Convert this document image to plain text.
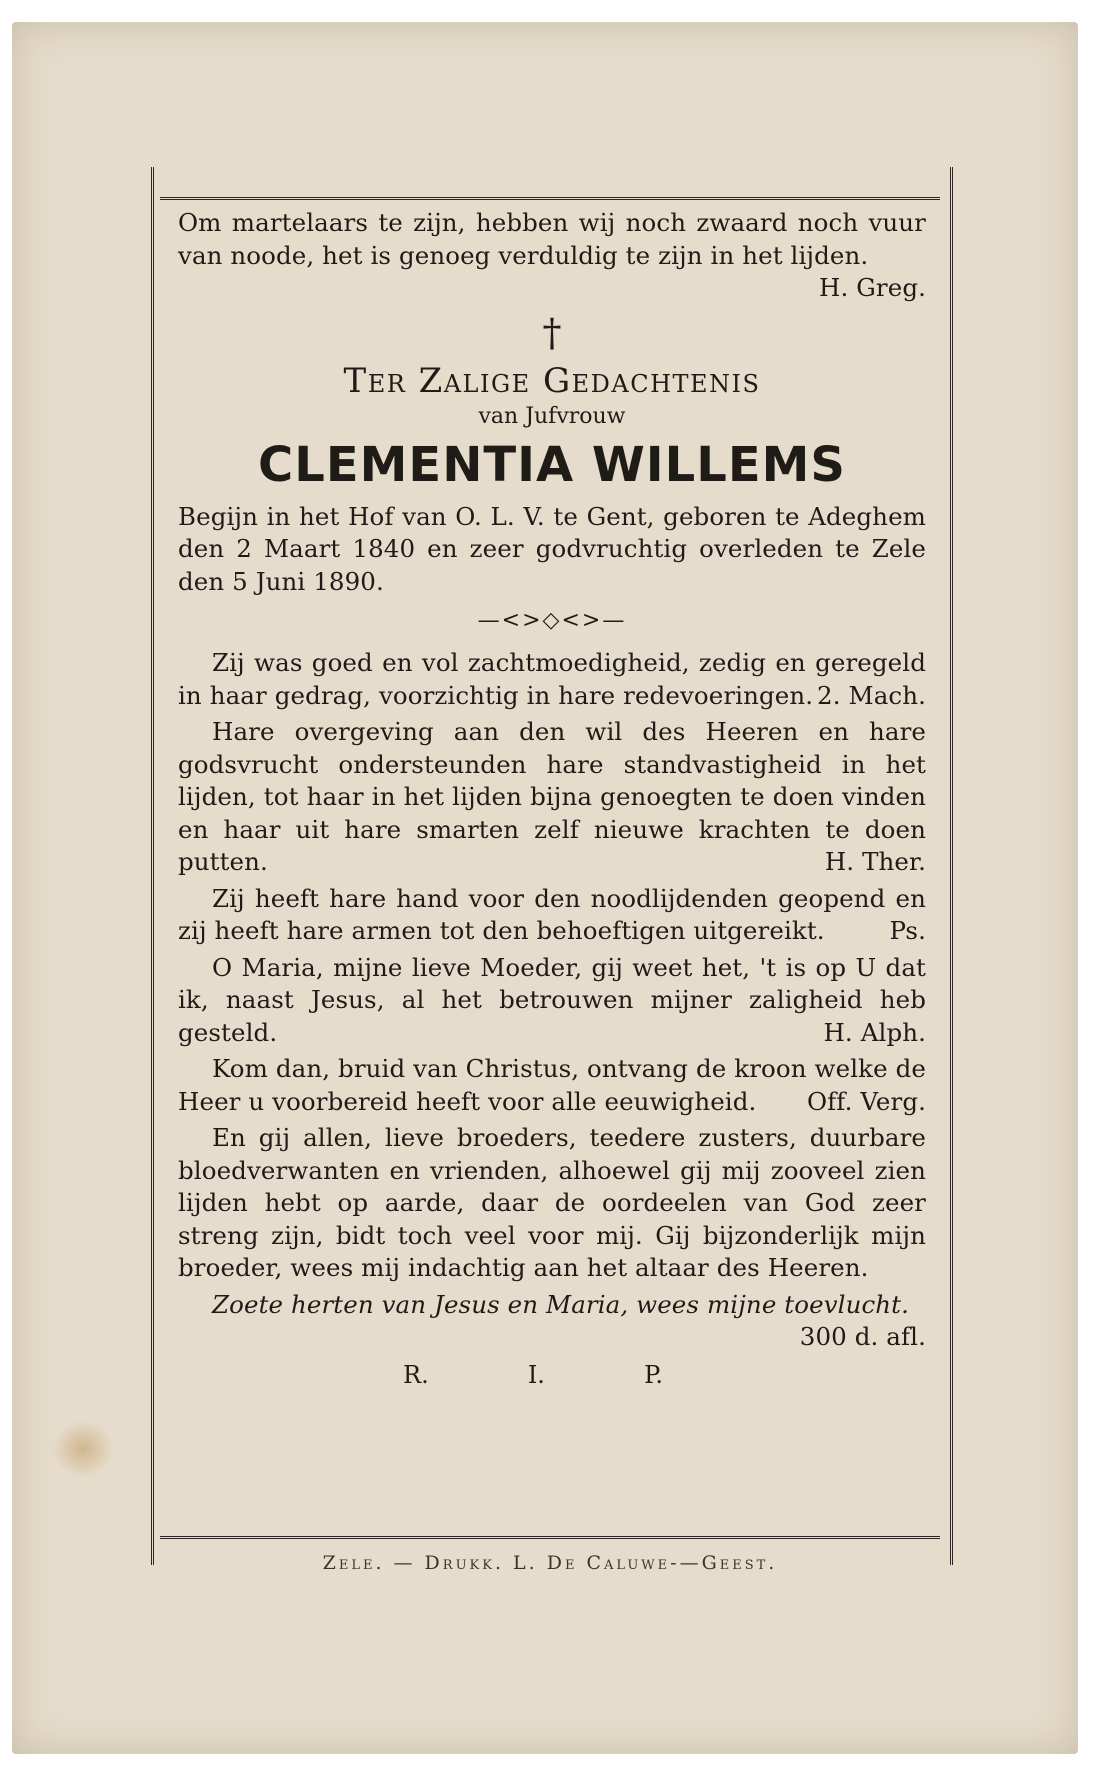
Om martelaars te zijn, hebben wij noch zwaard noch vuur van noode, het is genoeg verduldig te zijn in het lijden.
H. Greg.

†
Ter Zalige Gedachtenis
van Jufvrouw
CLEMENTIA WILLEMS

Begijn in het Hof van O. L. V. te Gent, geboren te Adeghem den 2 Maart 1840 en zeer godvruchtig overleden te Zele den 5 Juni 1890.

—<>◇<>—

Zij was goed en vol zachtmoedigheid, zedig en geregeld in haar gedrag, voorzichtig in hare redevoeringen. 2. Mach.

Hare overgeving aan den wil des Heeren en hare godsvrucht ondersteunden hare standvastigheid in het lijden, tot haar in het lijden bijna genoegten te doen vinden en haar uit hare smarten zelf nieuwe krachten te doen putten.	H. Ther.

Zij heeft hare hand voor den noodlijdenden geopend en zij heeft hare armen tot den behoeftigen uitgereikt.	Ps.

O Maria, mijne lieve Moeder, gij weet het, 't is op U dat ik, naast Jesus, al het betrouwen mijner zaligheid heb gesteld.	H. Alph.

Kom dan, bruid van Christus, ontvang de kroon welke de Heer u voorbereid heeft voor alle eeuwigheid. Off. Verg.

En gij allen, lieve broeders, teedere zusters, duurbare bloedverwanten en vrienden, alhoewel gij mij zooveel zien lijden hebt op aarde, daar de oordeelen van God zeer streng zijn, bidt toch veel voor mij. Gij bijzonderlijk mijn broeder, wees mij indachtig aan het altaar des Heeren.

Zoete herten van Jesus en Maria, wees mijne toevlucht.
300 d. afl.

R.	I.	P.
Zele. — Drukk. L. De Caluwe-—Geest.
